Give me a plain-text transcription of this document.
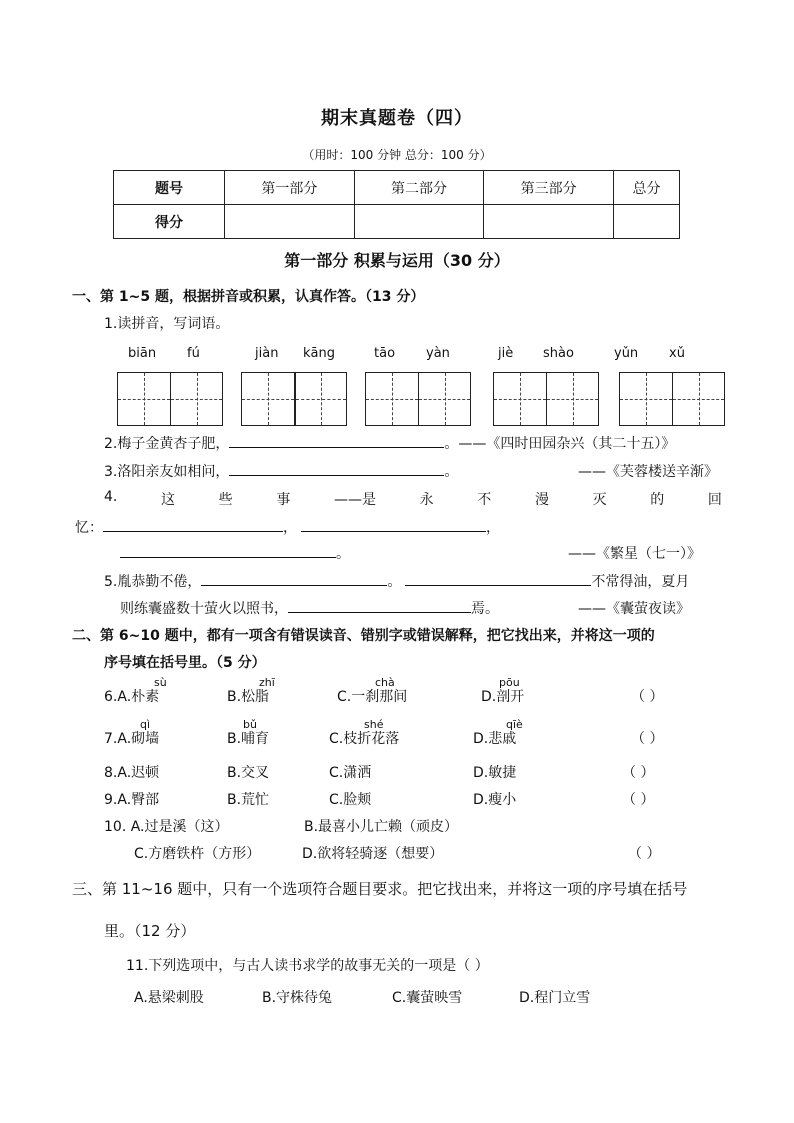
期末真题卷（四）
（用时：100 分钟 总分：100 分）
题号	第一部分	第二部分	第三部分	总分
得分				
第一部分 积累与运用（30 分）
一、第 1~5 题，根据拼音或积累，认真作答。（13 分）
1.读拼音，写词语。
biān fú	jiàn kāng	tāo yàn	jiè shào	yǔn xǔ
2.梅子金黄杏子肥，	。——《四时田园杂兴（其二十五）》
3.洛阳亲友如相问，	。	——《芙蓉楼送辛渐》
4.	这	些	事	——是	永	不	漫	灭	的	回
忆：	，	，
。	——《繁星（七一）》
5.胤恭勤不倦，	。	不常得油，夏月
则练囊盛数十萤火以照书，	焉。	——《囊萤夜读》
二、第 6~10 题中，都有一项含有错误读音、错别字或错误解释，把它找出来，并将这一项的
序号填在括号里。（5 分）
sù	zhī	chà	pōu
6.A.朴素	B.松脂	C.一刹那间	D.剖开	（ ）
qì	bǔ	shé	qīè
7.A.砌墙	B.哺育	C.枝折花落	D.悲戚	（ ）
8.A.迟顿	B.交叉	C.潇洒	D.敏捷	（ ）
9.A.臀部	B.荒忙	C.脸颊	D.瘦小	（ ）
10. A.过是溪（这）	B.最喜小儿亡赖（顽皮）
C.方磨铁杵（方形）	D.欲将轻骑逐（想要）	（ ）
三、第 11~16 题中，只有一个选项符合题目要求。把它找出来，并将这一项的序号填在括号
里。（12 分）
11.下列选项中，与古人读书求学的故事无关的一项是（ ）
A.悬梁刺股	B.守株待兔	C.囊萤映雪	D.程门立雪
